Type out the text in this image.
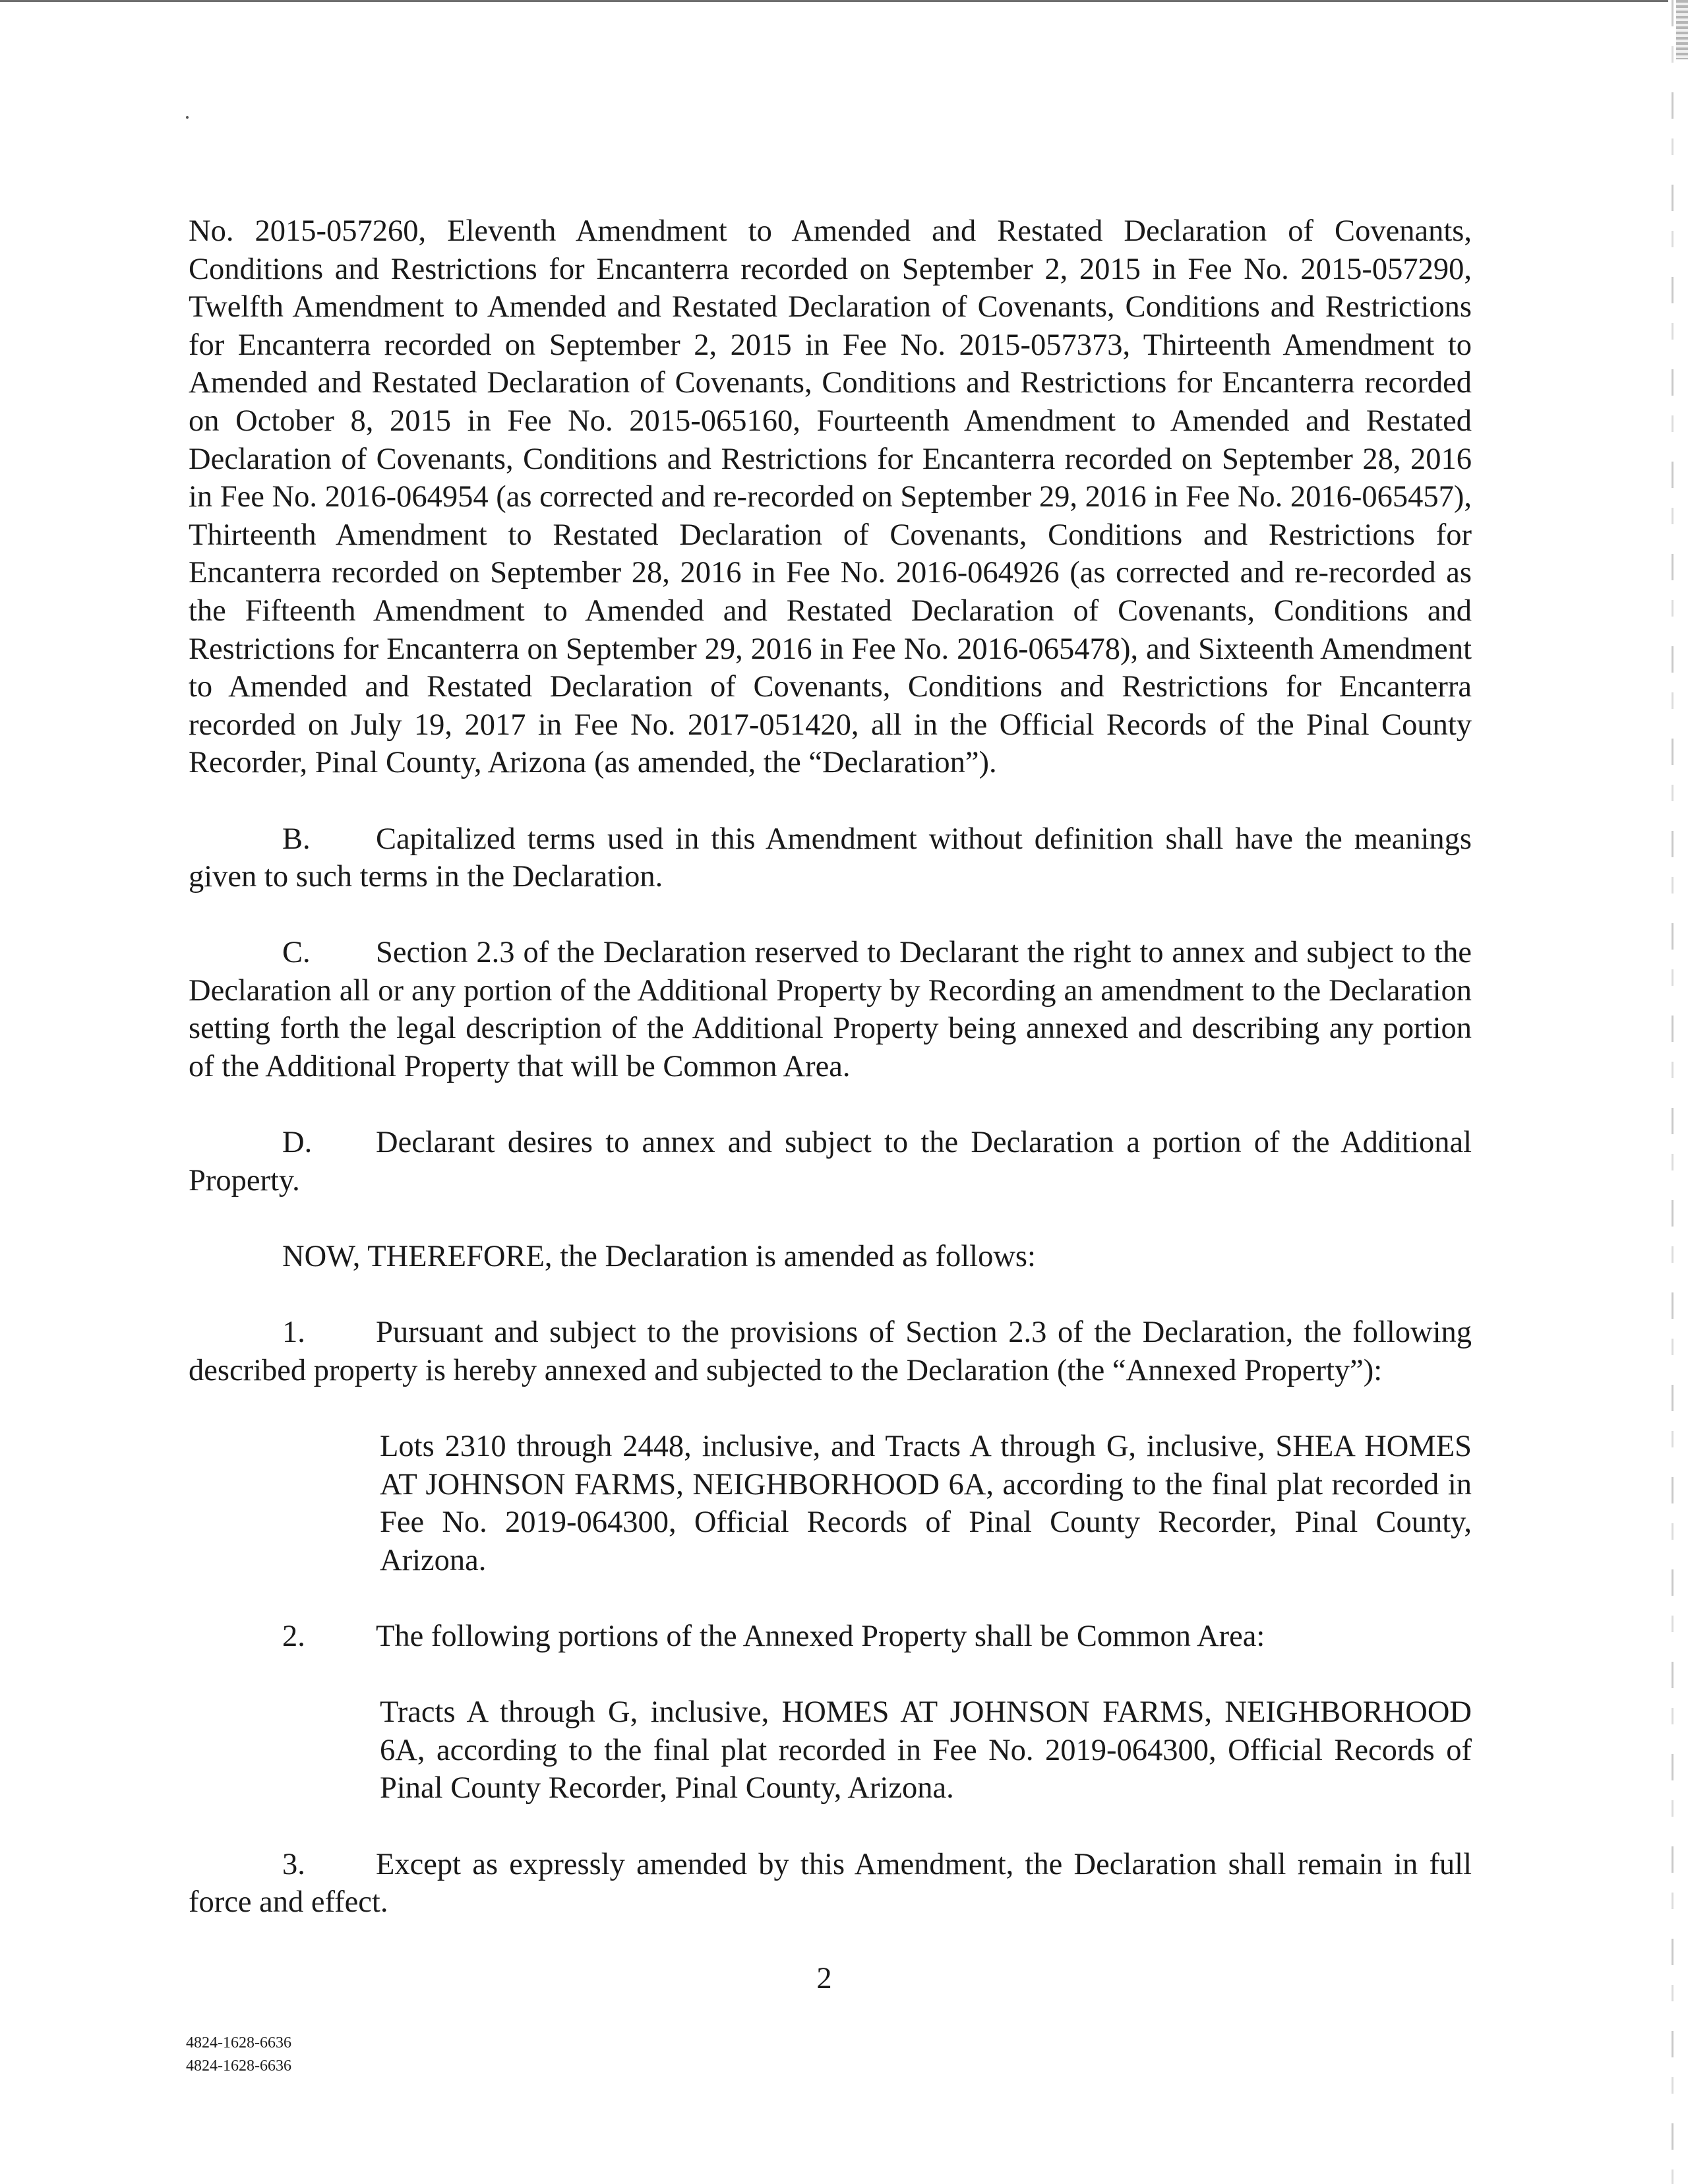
No. 2015-057260, Eleventh Amendment to Amended and Restated Declaration of Covenants, Conditions and Restrictions for Encanterra recorded on September 2, 2015 in Fee No. 2015-057290, Twelfth Amendment to Amended and Restated Declaration of Covenants, Conditions and Restrictions for Encanterra recorded on September 2, 2015 in Fee No. 2015-057373, Thirteenth Amendment to Amended and Restated Declaration of Covenants, Conditions and Restrictions for Encanterra recorded on October 8, 2015 in Fee No. 2015-065160, Fourteenth Amendment to Amended and Restated Declaration of Covenants, Conditions and Restrictions for Encanterra recorded on September 28, 2016 in Fee No. 2016-064954 (as corrected and re-recorded on September 29, 2016 in Fee No. 2016-065457), Thirteenth Amendment to Restated Declaration of Covenants, Conditions and Restrictions for Encanterra recorded on September 28, 2016 in Fee No. 2016-064926 (as corrected and re-recorded as the Fifteenth Amendment to Amended and Restated Declaration of Covenants, Conditions and Restrictions for Encanterra on September 29, 2016 in Fee No. 2016-065478), and Sixteenth Amendment to Amended and Restated Declaration of Covenants, Conditions and Restrictions for Encanterra recorded on July 19, 2017 in Fee No. 2017-051420, all in the Official Records of the Pinal County Recorder, Pinal County, Arizona (as amended, the “Declaration”).

B. Capitalized terms used in this Amendment without definition shall have the meanings given to such terms in the Declaration.

C. Section 2.3 of the Declaration reserved to Declarant the right to annex and subject to the Declaration all or any portion of the Additional Property by Recording an amendment to the Declaration setting forth the legal description of the Additional Property being annexed and describing any portion of the Additional Property that will be Common Area.

D. Declarant desires to annex and subject to the Declaration a portion of the Additional Property.

NOW, THEREFORE, the Declaration is amended as follows:

1. Pursuant and subject to the provisions of Section 2.3 of the Declaration, the following described property is hereby annexed and subjected to the Declaration (the “Annexed Property”):

Lots 2310 through 2448, inclusive, and Tracts A through G, inclusive, SHEA HOMES AT JOHNSON FARMS, NEIGHBORHOOD 6A, according to the final plat recorded in Fee No. 2019-064300, Official Records of Pinal County Recorder, Pinal County, Arizona.

2. The following portions of the Annexed Property shall be Common Area:

Tracts A through G, inclusive, HOMES AT JOHNSON FARMS, NEIGHBORHOOD 6A, according to the final plat recorded in Fee No. 2019-064300, Official Records of Pinal County Recorder, Pinal County, Arizona.

3. Except as expressly amended by this Amendment, the Declaration shall remain in full force and effect.

2
4824-1628-6636
4824-1628-6636
